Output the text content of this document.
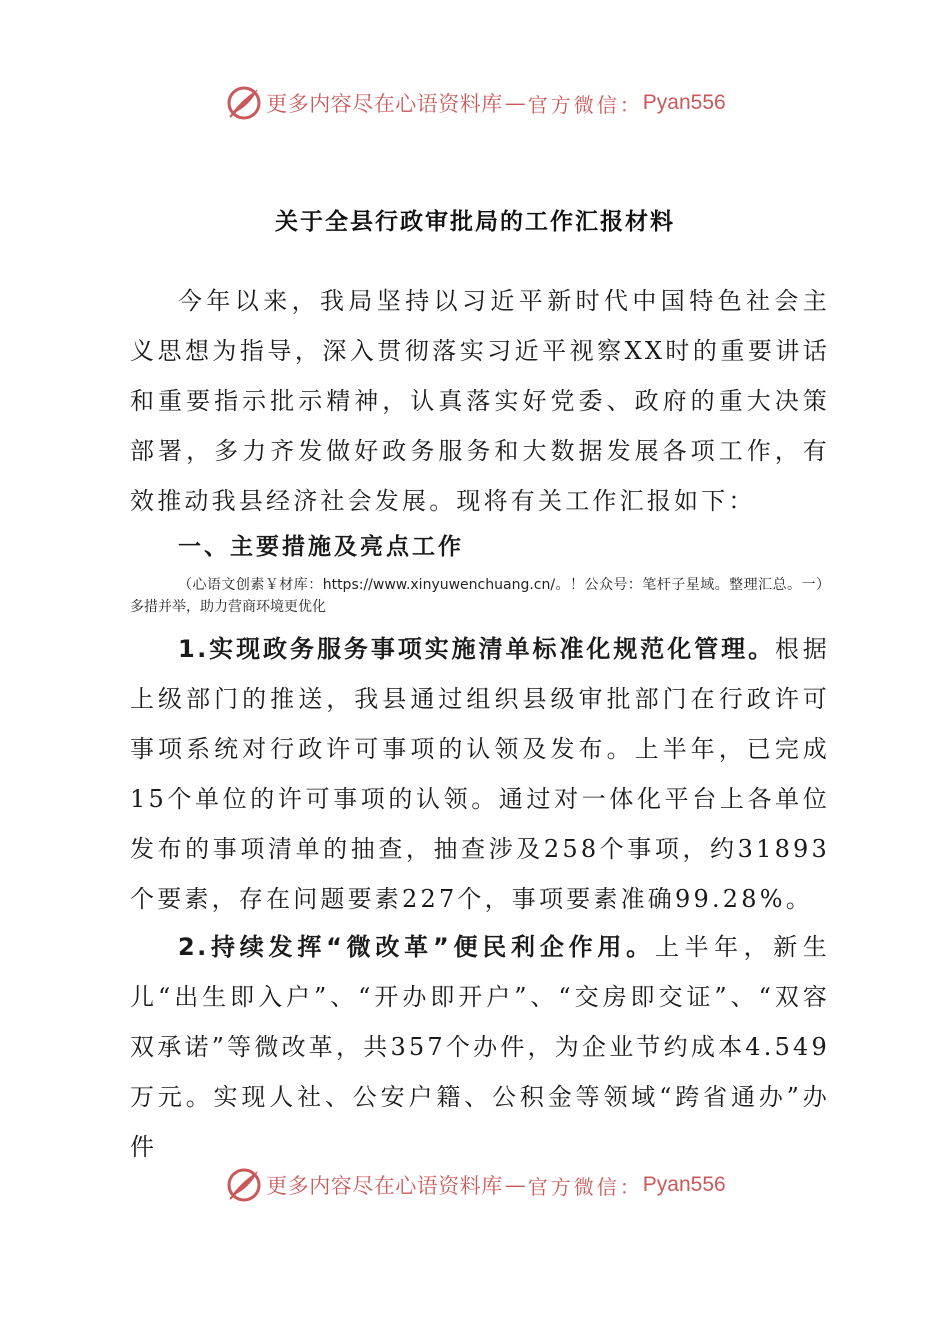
更多内容尽在心语资料库 — 官方微信： Pyan556
关于全县行政审批局的工作汇报材料

今年以来，我局坚持以习近平新时代中国特色社会主义思想为指导，深入贯彻落实习近平视察XX时的重要讲话和重要指示批示精神，认真落实好党委、政府的重大决策部署，多力齐发做好政务服务和大数据发展各项工作，有效推动我县经济社会发展。现将有关工作汇报如下：

一、主要措施及亮点工作
（心语文创素￥材库：https://www.xinyuwenchuang.cn/。！公众号：笔杆子星域。整理汇总。一）多措并举，助力营商环境更优化

1.实现政务服务事项实施清单标准化规范化管理。根据上级部门的推送，我县通过组织县级审批部门在行政许可事项系统对行政许可事项的认领及发布。上半年，已完成15个单位的许可事项的认领。通过对一体化平台上各单位发布的事项清单的抽查，抽查涉及258个事项，约31893个要素，存在问题要素227个，事项要素准确99.28%。

2.持续发挥“微改革”便民利企作用。上半年，新生儿“出生即入户”、“开办即开户”、“交房即交证”、“双容双承诺”等微改革，共357个办件，为企业节约成本4.549万元。实现人社、公安户籍、公积金等领域“跨省通办”办件

更多内容尽在心语资料库 — 官方微信： Pyan556
